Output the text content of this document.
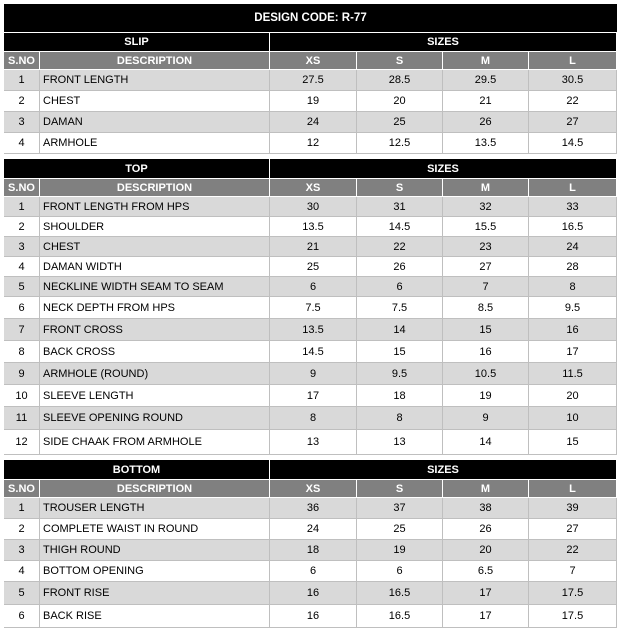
DESIGN CODE: R-77
SLIP	SIZES
S.NO	DESCRIPTION	XS	S	M	L
1	FRONT LENGTH	27.5	28.5	29.5	30.5
2	CHEST	19	20	21	22
3	DAMAN	24	25	26	27
4	ARMHOLE	12	12.5	13.5	14.5
TOP	SIZES
S.NO	DESCRIPTION	XS	S	M	L
1	FRONT LENGTH FROM HPS	30	31	32	33
2	SHOULDER	13.5	14.5	15.5	16.5
3	CHEST	21	22	23	24
4	DAMAN WIDTH	25	26	27	28
5	NECKLINE WIDTH SEAM TO SEAM	6	6	7	8
6	NECK DEPTH FROM HPS	7.5	7.5	8.5	9.5
7	FRONT CROSS	13.5	14	15	16
8	BACK CROSS	14.5	15	16	17
9	ARMHOLE (ROUND)	9	9.5	10.5	11.5
10	SLEEVE LENGTH	17	18	19	20
11	SLEEVE OPENING ROUND	8	8	9	10
12	SIDE CHAAK FROM ARMHOLE	13	13	14	15
BOTTOM	SIZES
S.NO	DESCRIPTION	XS	S	M	L
1	TROUSER LENGTH	36	37	38	39
2	COMPLETE WAIST IN ROUND	24	25	26	27
3	THIGH ROUND	18	19	20	22
4	BOTTOM OPENING	6	6	6.5	7
5	FRONT RISE	16	16.5	17	17.5
6	BACK RISE	16	16.5	17	17.5
